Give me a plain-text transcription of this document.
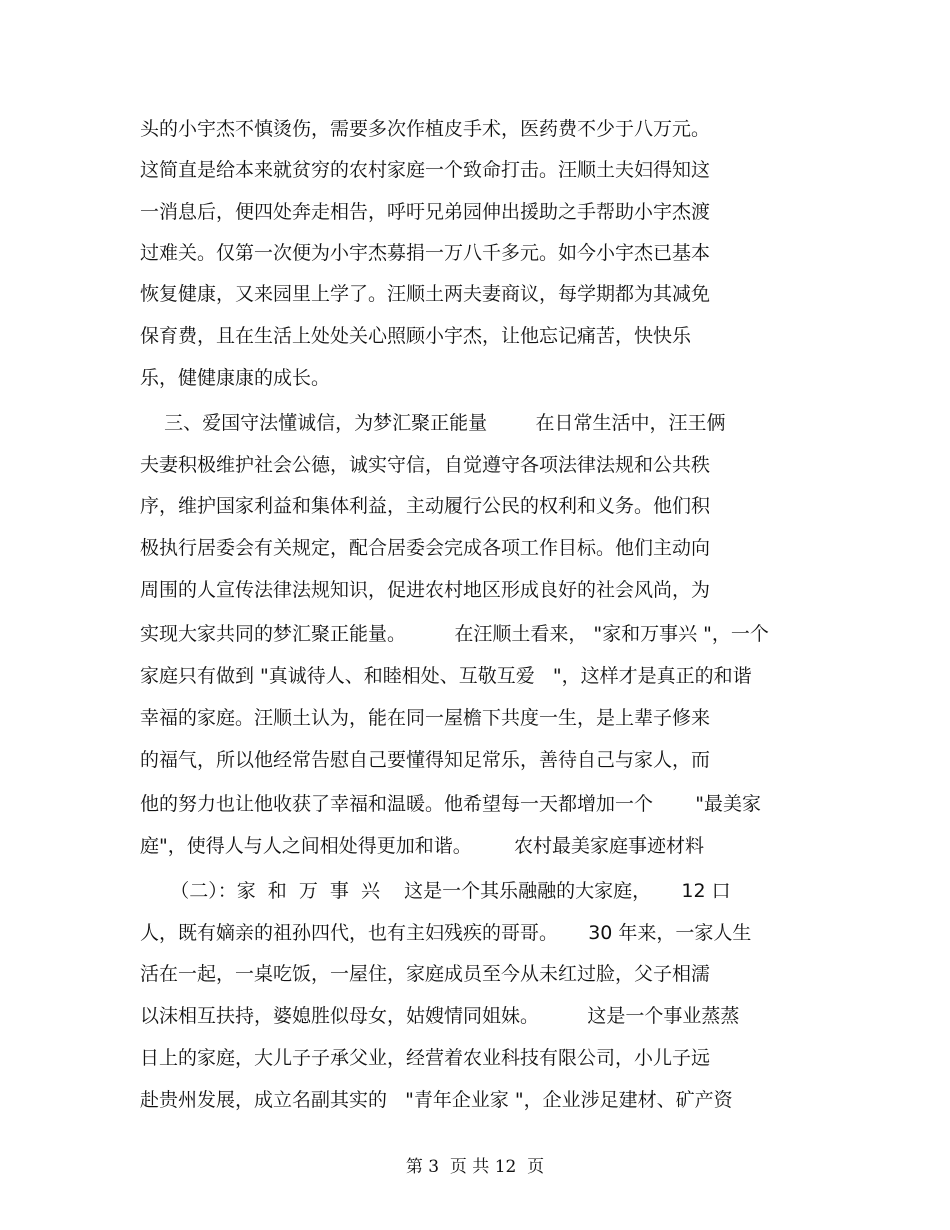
头的小宇杰不慎烫伤，需要多次作植皮手术，医药费不少于八万元。
这简直是给本来就贫穷的农村家庭一个致命打击。汪顺土夫妇得知这
一消息后，便四处奔走相告，呼吁兄弟园伸出援助之手帮助小宇杰渡
过难关。仅第一次便为小宇杰募捐一万八千多元。如今小宇杰已基本
恢复健康，又来园里上学了。汪顺土两夫妻商议，每学期都为其减免
保育费，且在生活上处处关心照顾小宇杰，让他忘记痛苦，快快乐
乐，健健康康的成长。
三、爱国守法懂诚信，为梦汇聚正能量        在日常生活中，汪王俩
夫妻积极维护社会公德，诚实守信，自觉遵守各项法律法规和公共秩
序，维护国家利益和集体利益，主动履行公民的权利和义务。他们积
极执行居委会有关规定，配合居委会完成各项工作目标。他们主动向
周围的人宣传法律法规知识，促进农村地区形成良好的社会风尚，为
实现大家共同的梦汇聚正能量。        在汪顺土看来， "家和万事兴 "，一个
家庭只有做到 "真诚待人、和睦相处、互敬互爱   "，这样才是真正的和谐
幸福的家庭。汪顺土认为，能在同一屋檐下共度一生，是上辈子修来
的福气，所以他经常告慰自己要懂得知足常乐，善待自己与家人，而
他的努力也让他收获了幸福和温暖。他希望每一天都增加一个       "最美家
庭"，使得人与人之间相处得更加和谐。       农村最美家庭事迹材料
（二）：家  和  万  事  兴    这是一个其乐融融的大家庭，     12 口
人，既有嫡亲的祖孙四代，也有主妇残疾的哥哥。     30 年来，一家人生
活在一起，一桌吃饭，一屋住，家庭成员至今从未红过脸，父子相濡
以沫相互扶持，婆媳胜似母女，姑嫂情同姐妹。        这是一个事业蒸蒸
日上的家庭，大儿子子承父业，经营着农业科技有限公司，小儿子远
赴贵州发展，成立名副其实的   "青年企业家 "，企业涉足建材、矿产资
第 3  页 共 12  页
